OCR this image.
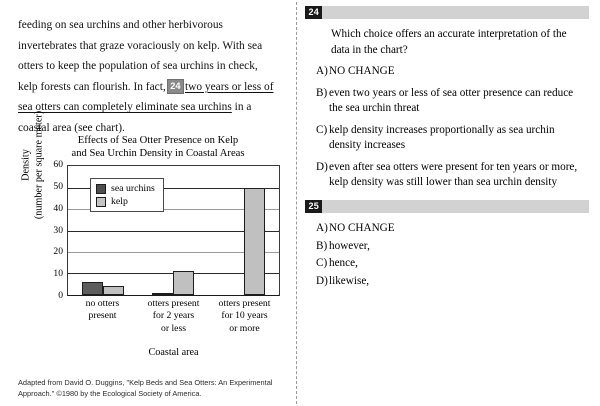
feeding on sea urchins and other herbivorous invertebrates that graze voraciously on kelp. With sea otters to keep the population of sea urchins in check, kelp forests can flourish. In fact, 24 two years or less of sea otters can completely eliminate sea urchins in a coastal area (see chart).

Effects of Sea Otter Presence on Kelp
and Sea Urchin Density in Coastal Areas
Density (number per square meter) 60
50
40
30
20
10
0
sea urchins
kelp
no otters
present
otters present
for 2 years
or less
otters present
for 10 years
or more
Coastal area

Adapted from David O. Duggins, "Kelp Beds and Sea Otters: An Experimental Approach." ©1980 by the Ecological Society of America.

24

Which choice offers an accurate interpretation of the data in the chart?

A) NO CHANGE
B) even two years or less of sea otter presence can reduce the sea urchin threat
C) kelp density increases proportionally as sea urchin density increases
D) even after sea otters were present for ten years or more, kelp density was still lower than sea urchin density
25
A) NO CHANGE
B) however,
C) hence,
D) likewise,
